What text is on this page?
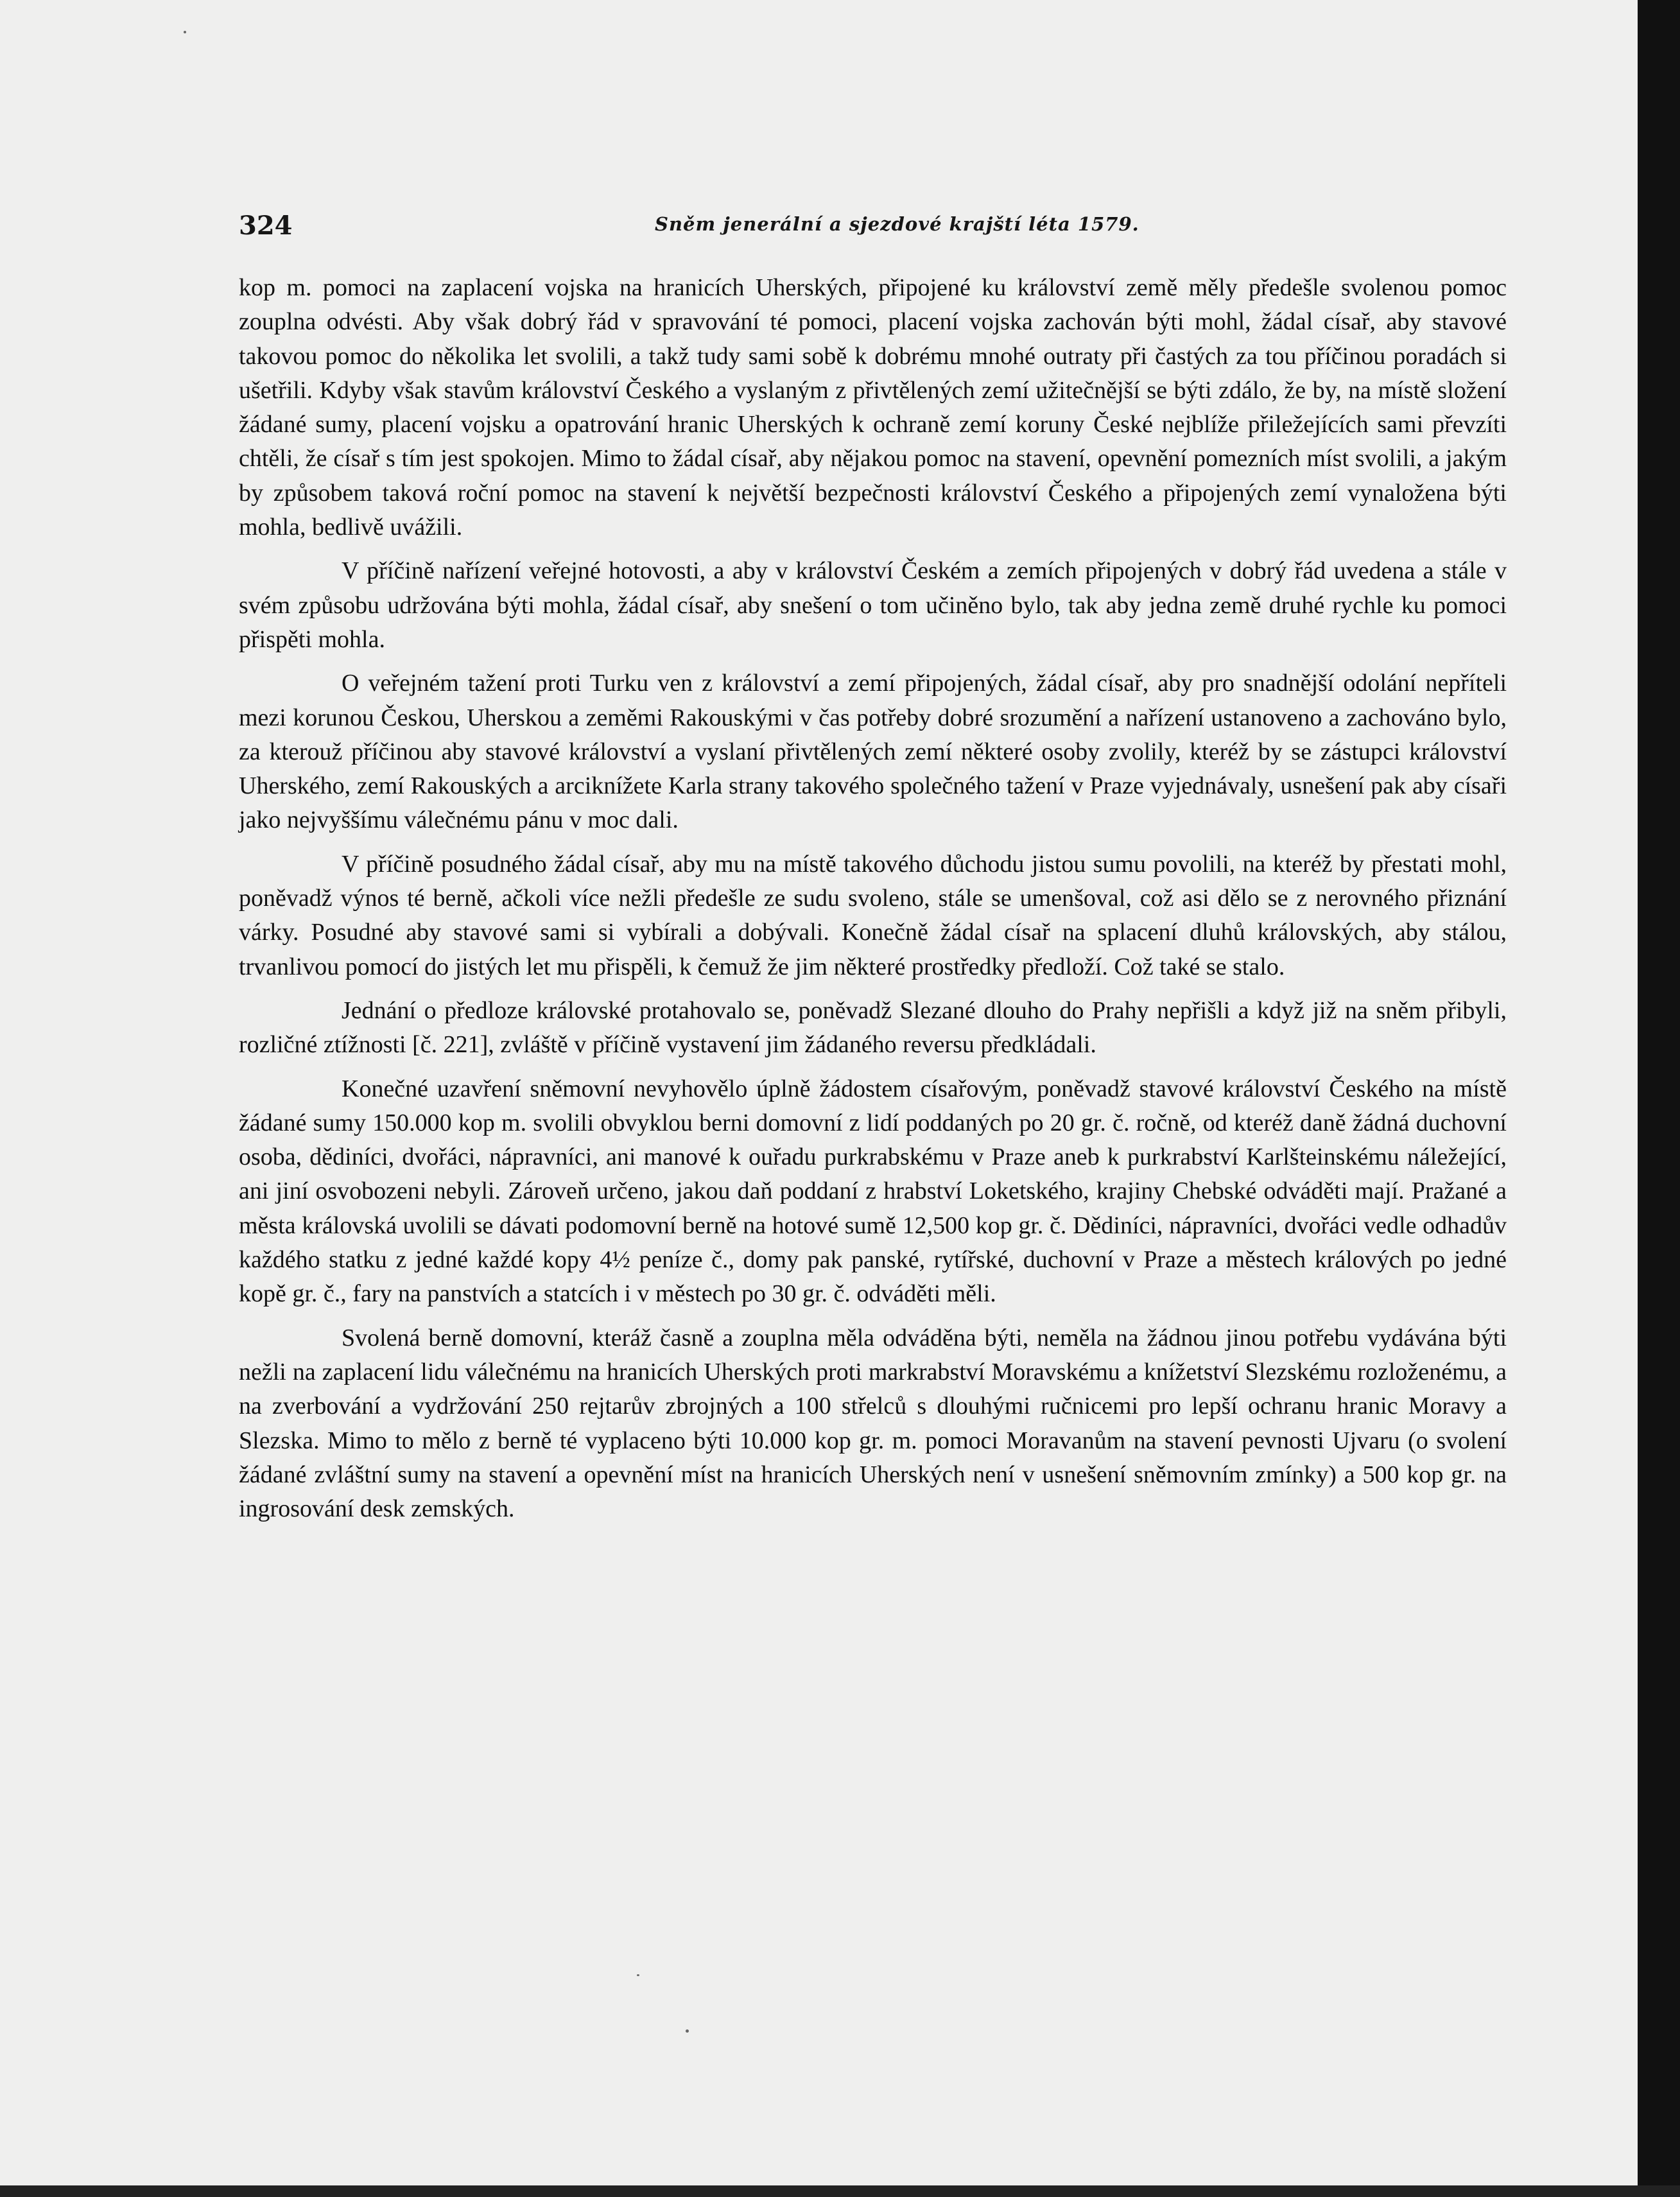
324	Sněm jenerální a sjezdové krajští léta 1579.

kop m. pomoci na zaplacení vojska na hranicích Uherských, připojené ku království země měly předešle svolenou pomoc zouplna odvésti. Aby však dobrý řád v spravování té pomoci, placení vojska zachován býti mohl, žádal císař, aby stavové takovou pomoc do několika let svolili, a takž tudy sami sobě k dobrému mnohé outraty při častých za tou příčinou poradách si ušetřili. Kdyby však stavům království Českého a vyslaným z přivtělených zemí užitečnější se býti zdálo, že by, na místě složení žádané sumy, placení vojsku a opatrování hranic Uherských k ochraně zemí koruny České nejblíže přiležejících sami převzíti chtěli, že císař s tím jest spokojen. Mimo to žádal císař, aby nějakou pomoc na stavení, opevnění pomezních míst svolili, a jakým by způsobem taková roční pomoc na stavení k největší bezpečnosti království Českého a připojených zemí vynaložena býti mohla, bedlivě uvážili.

V příčině nařízení veřejné hotovosti, a aby v království Českém a zemích připojených v dobrý řád uvedena a stále v svém způsobu udržována býti mohla, žádal císař, aby snešení o tom učiněno bylo, tak aby jedna země druhé rychle ku pomoci přispěti mohla.

O veřejném tažení proti Turku ven z království a zemí připojených, žádal císař, aby pro snadnější odolání nepříteli mezi korunou Českou, Uherskou a zeměmi Rakouskými v čas potřeby dobré srozumění a nařízení ustanoveno a zachováno bylo, za kterouž příčinou aby stavové království a vyslaní přivtělených zemí některé osoby zvolily, kteréž by se zástupci království Uherského, zemí Rakouských a arciknížete Karla strany takového společného tažení v Praze vyjednávaly, usnešení pak aby císaři jako nejvyššímu válečnému pánu v moc dali.

V příčině posudného žádal císař, aby mu na místě takového důchodu jistou sumu povolili, na kteréž by přestati mohl, poněvadž výnos té berně, ačkoli více nežli předešle ze sudu svoleno, stále se umenšoval, což asi dělo se z nerovného přiznání várky. Posudné aby stavové sami si vybírali a dobývali. Konečně žádal císař na splacení dluhů královských, aby stálou, trvanlivou pomocí do jistých let mu přispěli, k čemuž že jim některé prostředky předloží. Což také se stalo.

Jednání o předloze královské protahovalo se, poněvadž Slezané dlouho do Prahy nepřišli a když již na sněm přibyli, rozličné ztížnosti [č. 221], zvláště v příčině vystavení jim žádaného reversu předkládali.

Konečné uzavření sněmovní nevyhovělo úplně žádostem císařovým, poněvadž stavové království Českého na místě žádané sumy 150.000 kop m. svolili obvyklou berni domovní z lidí poddaných po 20 gr. č. ročně, od kteréž daně žádná duchovní osoba, dědiníci, dvořáci, nápravníci, ani manové k ouřadu purkrabskému v Praze aneb k purkrabství Karlšteinskému náležející, ani jiní osvobozeni nebyli. Zároveň určeno, jakou daň poddaní z hrabství Loketského, krajiny Chebské odváděti mají. Pražané a města královská uvolili se dávati podomovní berně na hotové sumě 12,500 kop gr. č. Dědiníci, nápravníci, dvořáci vedle odhadův každého statku z jedné každé kopy 4½ peníze č., domy pak panské, rytířské, duchovní v Praze a městech králových po jedné kopě gr. č., fary na panstvích a statcích i v městech po 30 gr. č. odváděti měli.

Svolená berně domovní, kteráž časně a zouplna měla odváděna býti, neměla na žádnou jinou potřebu vydávána býti nežli na zaplacení lidu válečnému na hranicích Uherských proti markrabství Moravskému a knížetství Slezskému rozloženému, a na zverbování a vydržování 250 rejtarův zbrojných a 100 střelců s dlouhými ručnicemi pro lepší ochranu hranic Moravy a Slezska. Mimo to mělo z berně té vyplaceno býti 10.000 kop gr. m. pomoci Moravanům na stavení pevnosti Ujvaru (o svolení žádané zvláštní sumy na stavení a opevnění míst na hranicích Uherských není v usnešení sněmovním zmínky) a 500 kop gr. na ingrosování desk zemských.
